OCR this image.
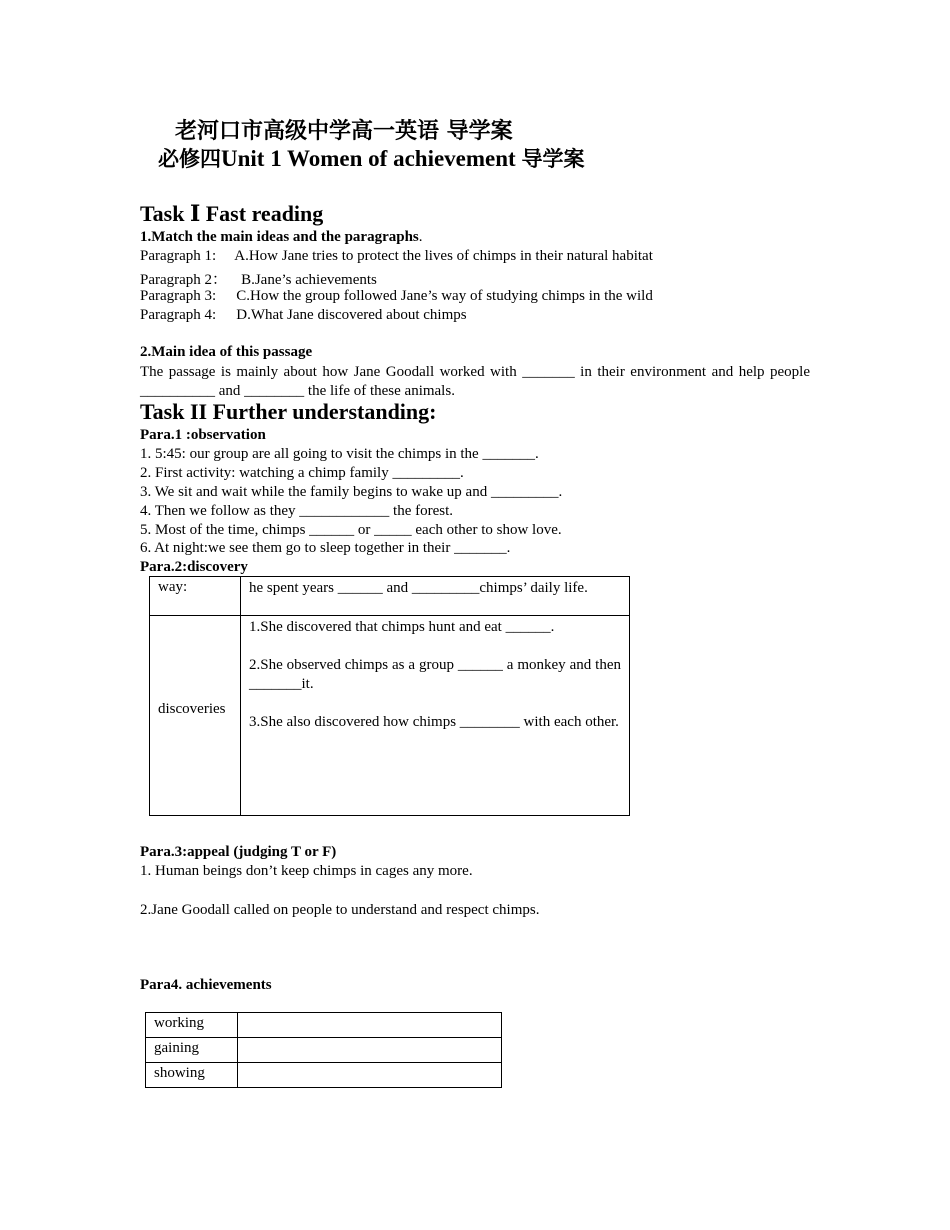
老河口市高级中学高一英语 导学案
必修四Unit 1 Women of achievement 导学案
Task Ⅰ Fast reading
1.Match the main ideas and the paragraphs.
Paragraph 1: A.How Jane tries to protect the lives of chimps in their natural habitat
Paragraph 2： B.Jane’s achievements
Paragraph 3: C.How the group followed Jane’s way of studying chimps in the wild
Paragraph 4: D.What Jane discovered about chimps
2.Main idea of this passage
The passage is mainly about how Jane Goodall worked with _______ in their environment and help people __________ and ________ the life of these animals.
Task II Further understanding:
Para.1 :observation
1. 5:45: our group are all going to visit the chimps in the _______.
2. First activity: watching a chimp family _________.
3. We sit and wait while the family begins to wake up and _________.
4. Then we follow as they ____________ the forest.
5. Most of the time, chimps ______ or _____ each other to show love.
6. At night:we see them go to sleep together in their _______.
Para.2:discovery
way:	he spent years ______ and _________chimps’ daily life.
discoveries	1.She discovered that chimps hunt and eat ______.
2.She observed chimps as a group ______ a monkey and then _______it.
3.She also discovered how chimps ________ with each other.
Para.3:appeal (judging T or F)
1. Human beings don’t keep chimps in cages any more.
2.Jane Goodall called on people to understand and respect chimps.
Para4. achievements
working	
gaining	
showing	
